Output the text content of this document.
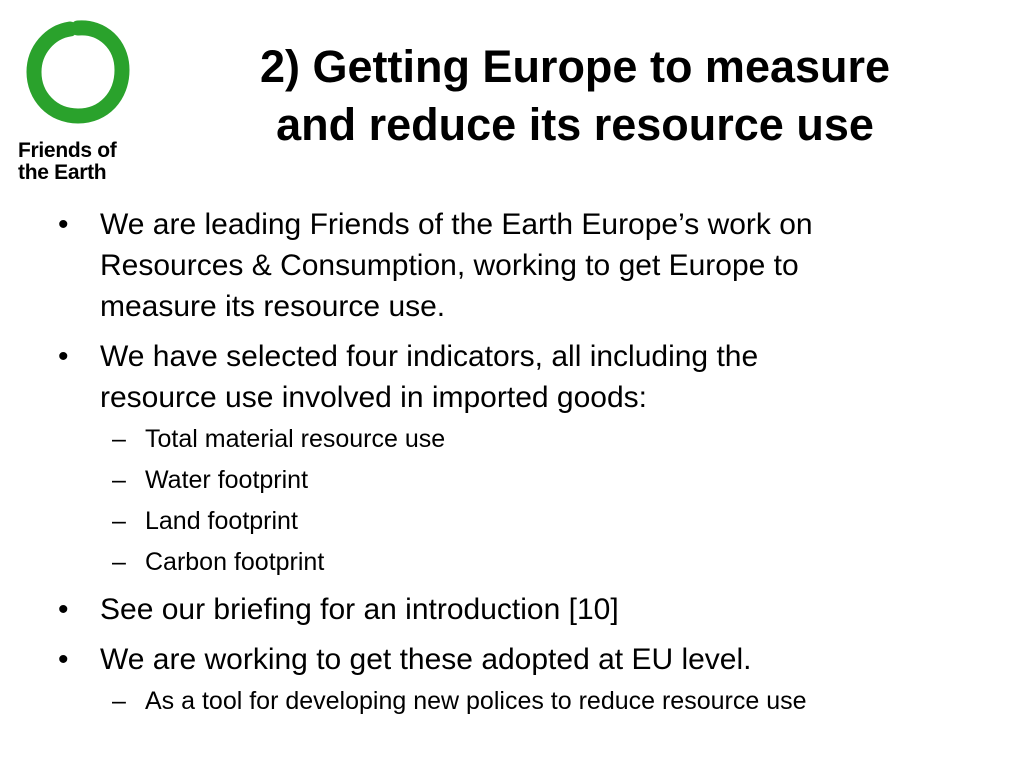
Friends of
the Earth
2) Getting Europe to measure
and reduce its resource use
• We are leading Friends of the Earth Europe’s work on
Resources & Consumption, working to get Europe to
measure its resource use.
• We have selected four indicators, all including the
resource use involved in imported goods:
– Total material resource use
– Water footprint
– Land footprint
– Carbon footprint
• See our briefing for an introduction [10]
• We are working to get these adopted at EU level.
– As a tool for developing new polices to reduce resource use
